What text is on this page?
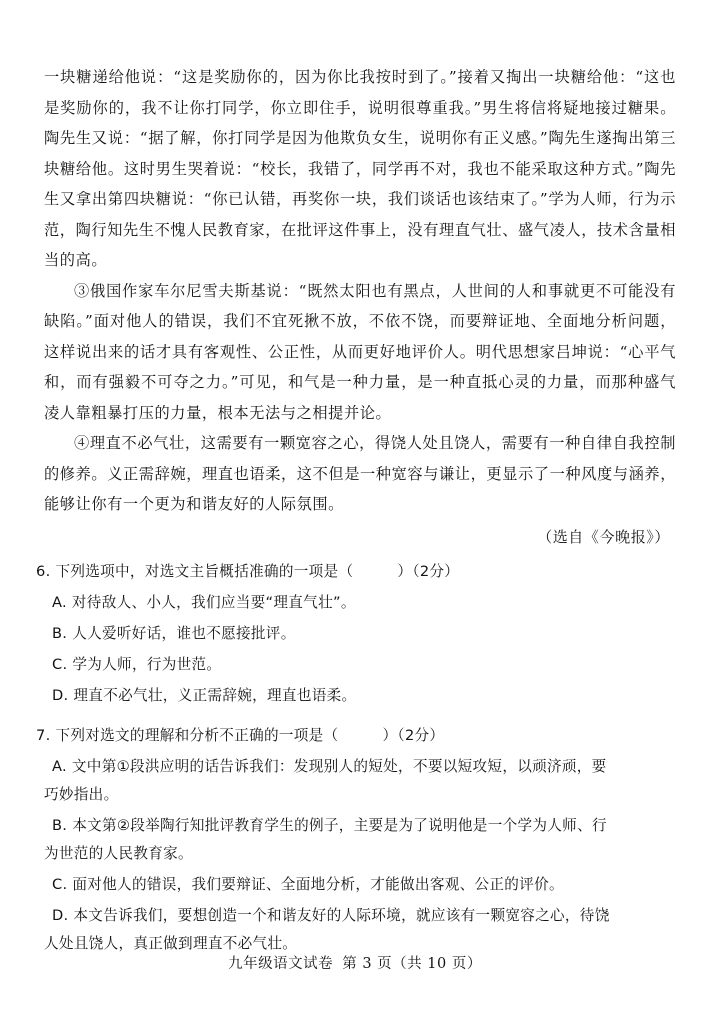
一块糖递给他说：“这是奖励你的，因为你比我按时到了。”接着又掏出一块糖给他：“这也是奖励你的，我不让你打同学，你立即住手，说明很尊重我。”男生将信将疑地接过糖果。陶先生又说：“据了解，你打同学是因为他欺负女生，说明你有正义感。”陶先生遂掏出第三块糖给他。这时男生哭着说：“校长，我错了，同学再不对，我也不能采取这种方式。”陶先生又拿出第四块糖说：“你已认错，再奖你一块，我们谈话也该结束了。”学为人师，行为示范，陶行知先生不愧人民教育家，在批评这件事上，没有理直气壮、盛气凌人，技术含量相当的高。

③俄国作家车尔尼雪夫斯基说：“既然太阳也有黑点，人世间的人和事就更不可能没有缺陷。”面对他人的错误，我们不宜死揪不放，不依不饶，而要辩证地、全面地分析问题，这样说出来的话才具有客观性、公正性，从而更好地评价人。明代思想家吕坤说：“心平气和，而有强毅不可夺之力。”可见，和气是一种力量，是一种直抵心灵的力量，而那种盛气凌人靠粗暴打压的力量，根本无法与之相提并论。

④理直不必气壮，这需要有一颗宽容之心，得饶人处且饶人，需要有一种自律自我控制的修养。义正需辞婉，理直也语柔，这不但是一种宽容与谦让，更显示了一种风度与涵养，能够让你有一个更为和谐友好的人际氛围。

（选自《今晚报》）

6. 下列选项中，对选文主旨概括准确的一项是（	）（2分）

A. 对待敌人、小人，我们应当要“理直气壮”。

B. 人人爱听好话，谁也不愿接批评。

C. 学为人师，行为世范。

D. 理直不必气壮，义正需辞婉，理直也语柔。

7. 下列对选文的理解和分析不正确的一项是（	）（2分）

A. 文中第①段洪应明的话告诉我们：发现别人的短处，不要以短攻短，以顽济顽，要
巧妙指出。

B. 本文第②段举陶行知批评教育学生的例子，主要是为了说明他是一个学为人师、行
为世范的人民教育家。

C. 面对他人的错误，我们要辩证、全面地分析，才能做出客观、公正的评价。

D. 本文告诉我们，要想创造一个和谐友好的人际环境，就应该有一颗宽容之心，待饶
人处且饶人，真正做到理直不必气壮。

九年级语文试卷 第 3 页（共 10 页）
